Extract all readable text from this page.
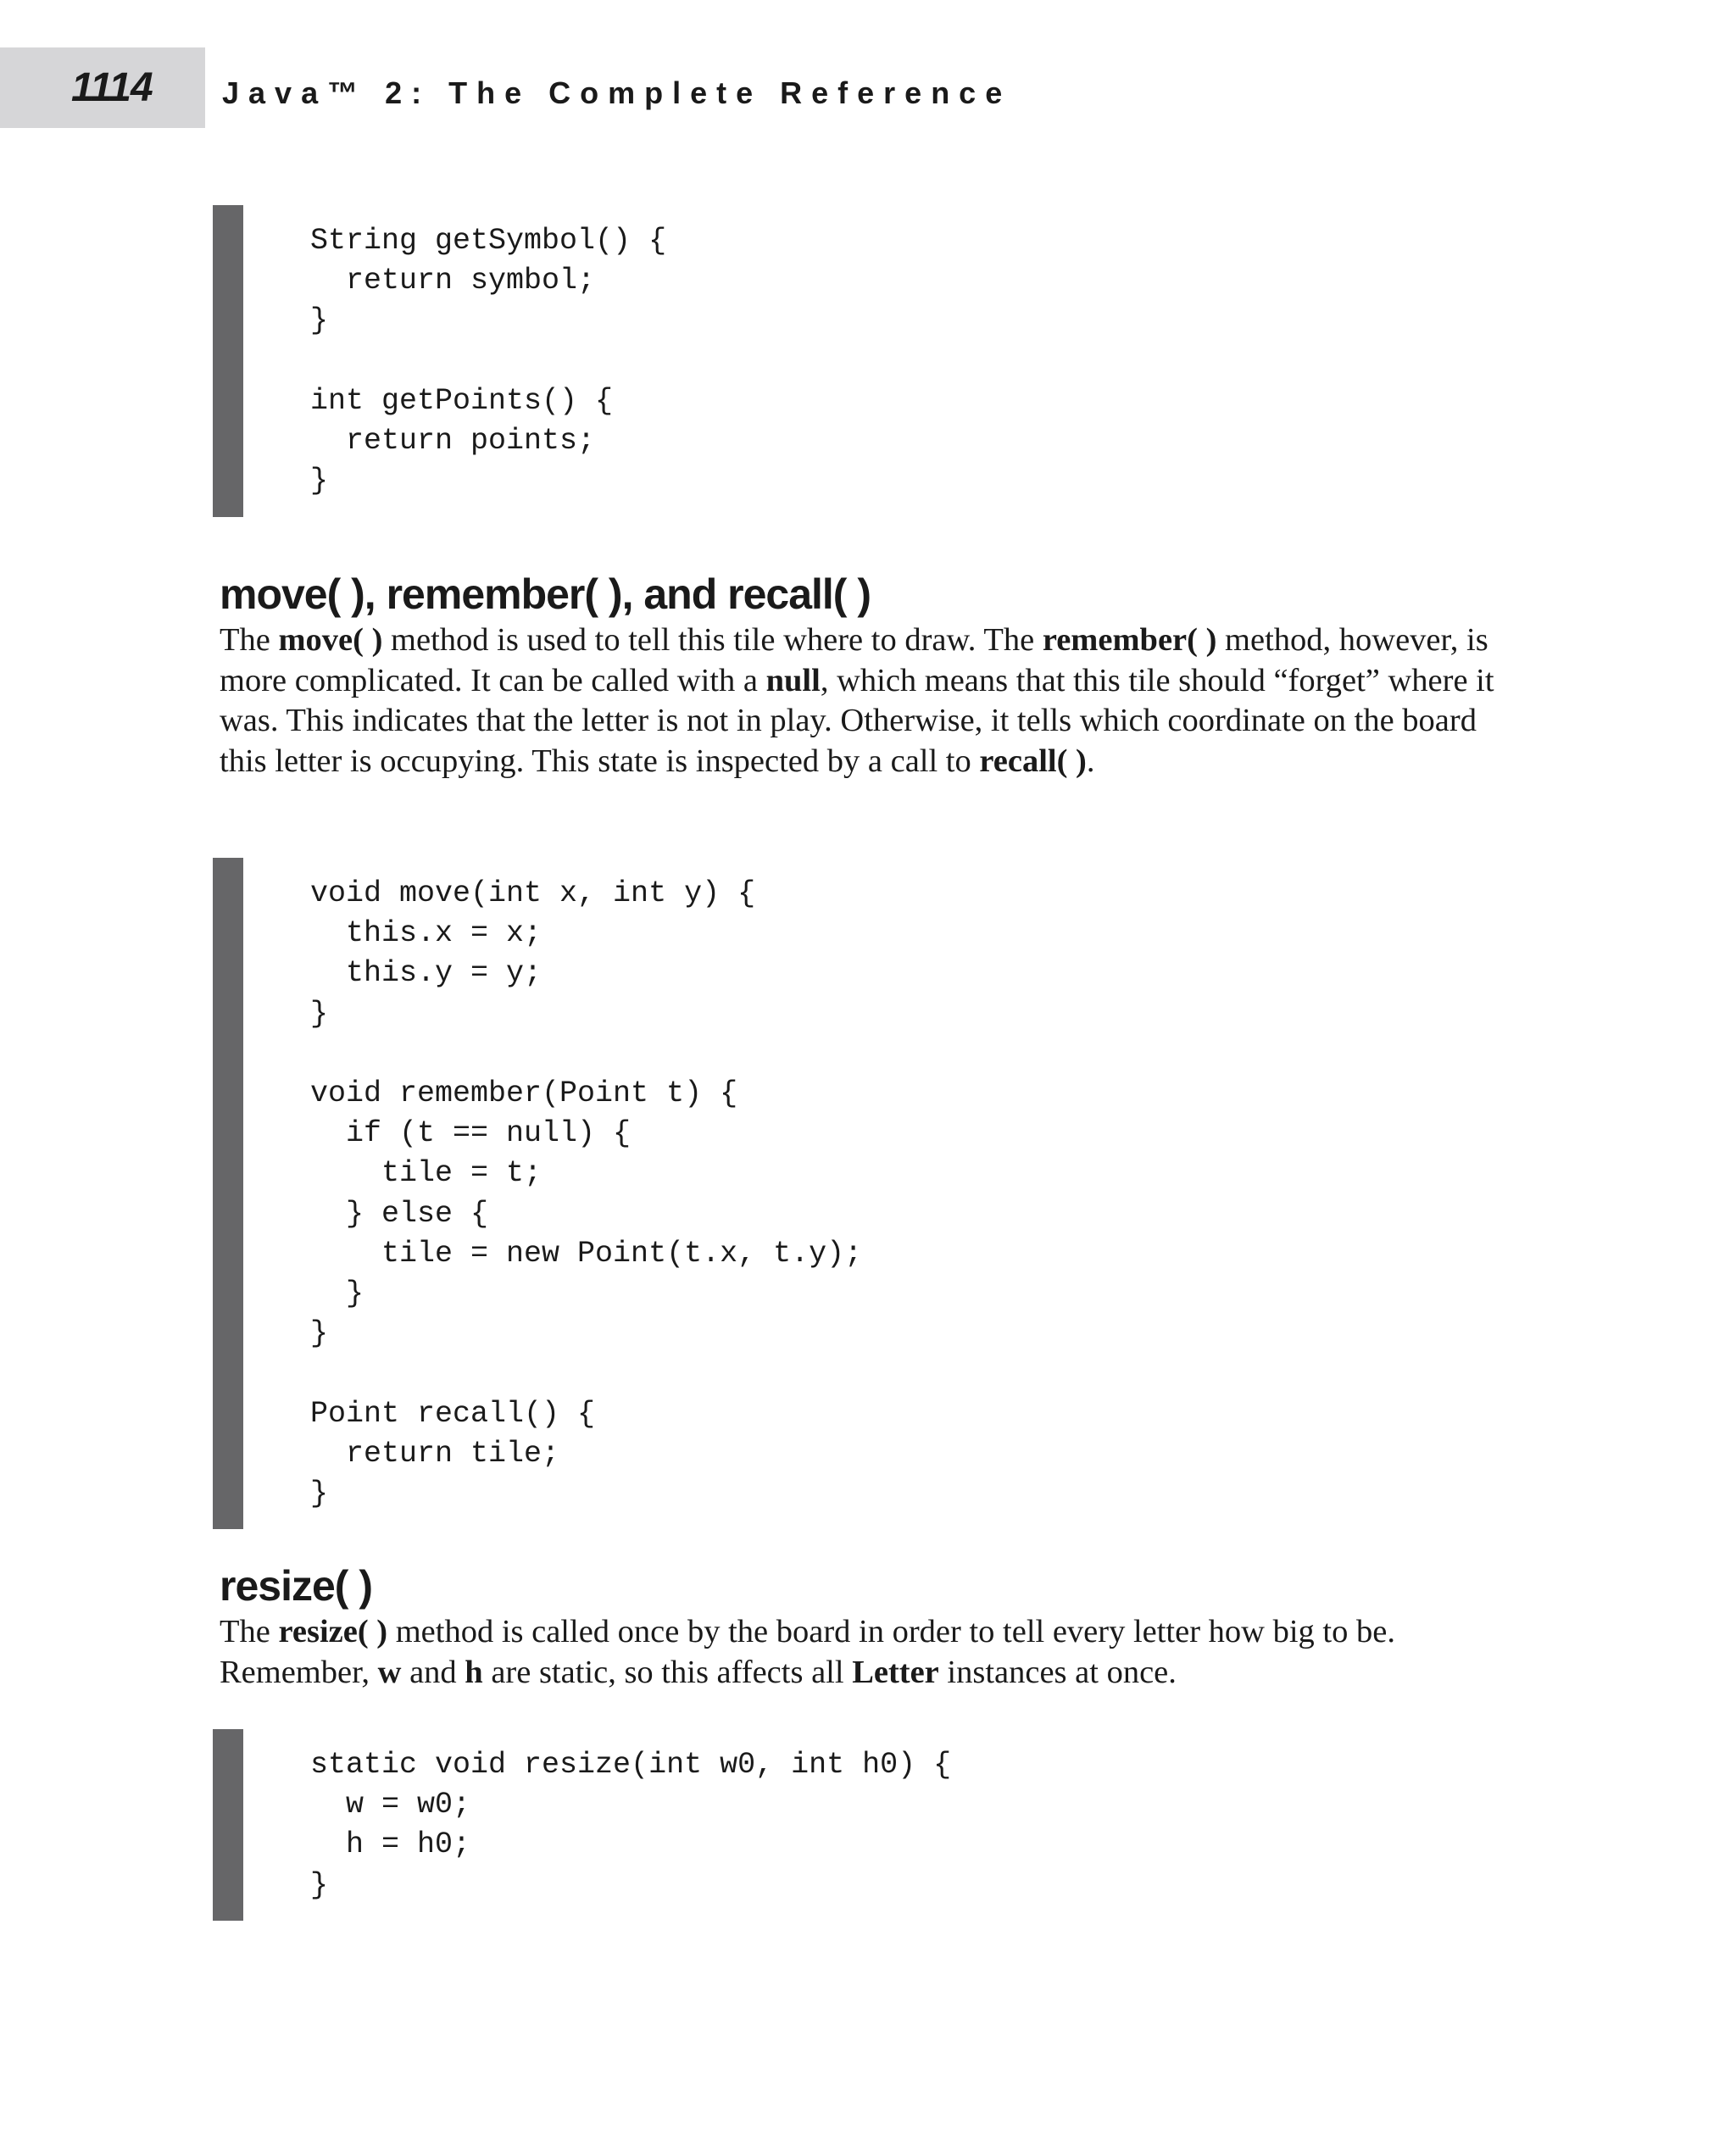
1114 Java™ 2: The Complete Reference
String getSymbol() {
return symbol;
}

int getPoints() {
return points;
}
move( ), remember( ), and recall( )

The move( ) method is used to tell this tile where to draw. The remember( ) method, however, is more complicated. It can be called with a null, which means that this tile should “forget” where it was. This indicates that the letter is not in play. Otherwise, it tells which coordinate on the board this letter is occupying. This state is inspected by a call to recall( ).

void move(int x, int y) {
this.x = x;
this.y = y;
}

void remember(Point t) {
if (t == null) {
tile = t;
} else {
tile = new Point(t.x, t.y);
}
}

Point recall() {
return tile;
}
resize( )

The resize( ) method is called once by the board in order to tell every letter how big to be. Remember, w and h are static, so this affects all Letter instances at once.

static void resize(int w0, int h0) {
w = w0;
h = h0;
}
